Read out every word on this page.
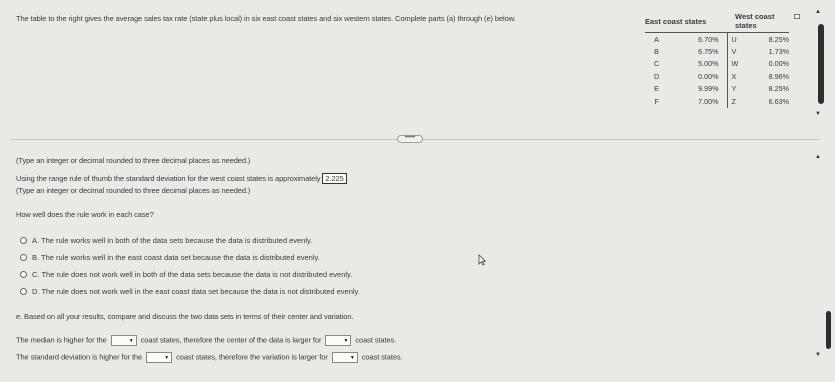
The table to the right gives the average sales tax rate (state plus local) in six east coast states and six western states. Complete parts (a) through (e) below.	East coast states		West coast states	
A	6.70%	U	8.25%
B	6.75%	V	1.73%
C	5.00%	W	0.00%
D	0.00%	X	8.96%
E	9.99%	Y	8.25%
F	7.00%	Z	6.63%
▲
▼
•••••
▲

(Type an integer or decimal rounded to three decimal places as needed.)

Using the range rule of thumb the standard deviation for the west coast states is approximately 2.225

(Type an integer or decimal rounded to three decimal places as needed.)

How well does the rule work in each case?

A. The rule works well in both of the data sets because the data is distributed evenly.
B. The rule works well in the east coast data set because the data is distributed evenly.
C. The rule does not work well in both of the data sets because the data is not distributed evenly.
D. The rule does not work well in the east coast data set because the data is not distributed evenly.

e. Based on all your results, compare and discuss the two data sets in terms of their center and variation.

The median is higher for the	▼ coast states, therefore the center of the data is larger for	▼ coast states.

The standard deviation is higher for the	▼ coast states, therefore the variation is larger for	▼ coast states.	▼
